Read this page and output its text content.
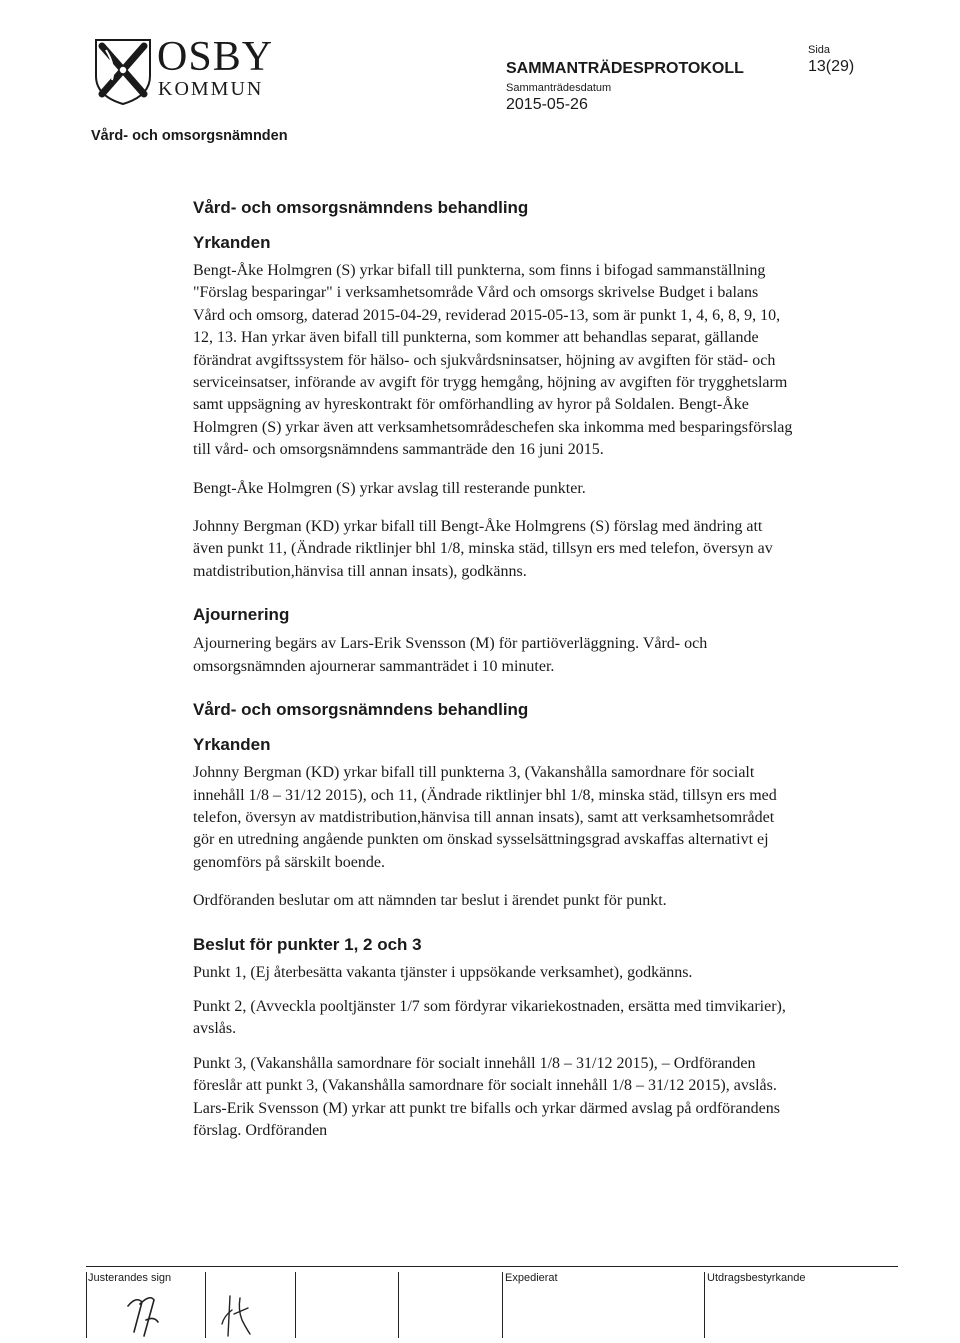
OSBY
KOMMUN
SAMMANTRÄDESPROTOKOLL
Sammanträdesdatum
2015-05-26
Sida
13(29)
Vård- och omsorgsnämnden
Vård- och omsorgsnämndens behandling
Yrkanden

Bengt-Åke Holmgren (S) yrkar bifall till punkterna, som finns i bifogad sammanställning "Förslag besparingar" i verksamhetsområde Vård och omsorgs skrivelse Budget i balans Vård och omsorg, daterad 2015-04-29, reviderad 2015-05-13, som är punkt 1, 4, 6, 8, 9, 10, 12, 13. Han yrkar även bifall till punkterna, som kommer att behandlas separat, gällande förändrat avgiftssystem för hälso- och sjukvårdsninsatser, höjning av avgiften för städ- och serviceinsatser, införande av avgift för trygg hemgång, höjning av avgiften för trygghetslarm samt uppsägning av hyreskontrakt för omförhandling av hyror på Soldalen. Bengt-Åke Holmgren (S) yrkar även att verksamhetsområdeschefen ska inkomma med besparingsförslag till vård- och omsorgsnämndens sammanträde den 16 juni 2015.

Bengt-Åke Holmgren (S) yrkar avslag till resterande punkter.

Johnny Bergman (KD) yrkar bifall till Bengt-Åke Holmgrens (S) förslag med ändring att även punkt 11, (Ändrade riktlinjer bhl 1/8, minska städ, tillsyn ers med telefon, översyn av matdistribution,hänvisa till annan insats), godkänns.

Ajournering

Ajournering begärs av Lars-Erik Svensson (M) för partiöverläggning. Vård- och omsorgsnämnden ajournerar sammanträdet i 10 minuter.

Vård- och omsorgsnämndens behandling
Yrkanden

Johnny Bergman (KD) yrkar bifall till punkterna 3, (Vakanshålla samordnare för socialt innehåll 1/8 – 31/12 2015), och 11, (Ändrade riktlinjer bhl 1/8, minska städ, tillsyn ers med telefon, översyn av matdistribution,hänvisa till annan insats), samt att verksamhetsområdet gör en utredning angående punkten om önskad sysselsättningsgrad avskaffas alternativt ej genomförs på särskilt boende.

Ordföranden beslutar om att nämnden tar beslut i ärendet punkt för punkt.

Beslut för punkter 1, 2 och 3

Punkt 1, (Ej återbesätta vakanta tjänster i uppsökande verksamhet), godkänns.

Punkt 2, (Avveckla pooltjänster 1/7 som fördyrar vikariekostnaden, ersätta med timvikarier), avslås.

Punkt 3, (Vakanshålla samordnare för socialt innehåll 1/8 – 31/12 2015), – Ordföranden föreslår att punkt 3, (Vakanshålla samordnare för socialt innehåll 1/8 – 31/12 2015), avslås. Lars-Erik Svensson (M) yrkar att punkt tre bifalls och yrkar därmed avslag på ordförandens förslag. Ordföranden

Justerandes sign	Expedierat	Utdragsbestyrkande
